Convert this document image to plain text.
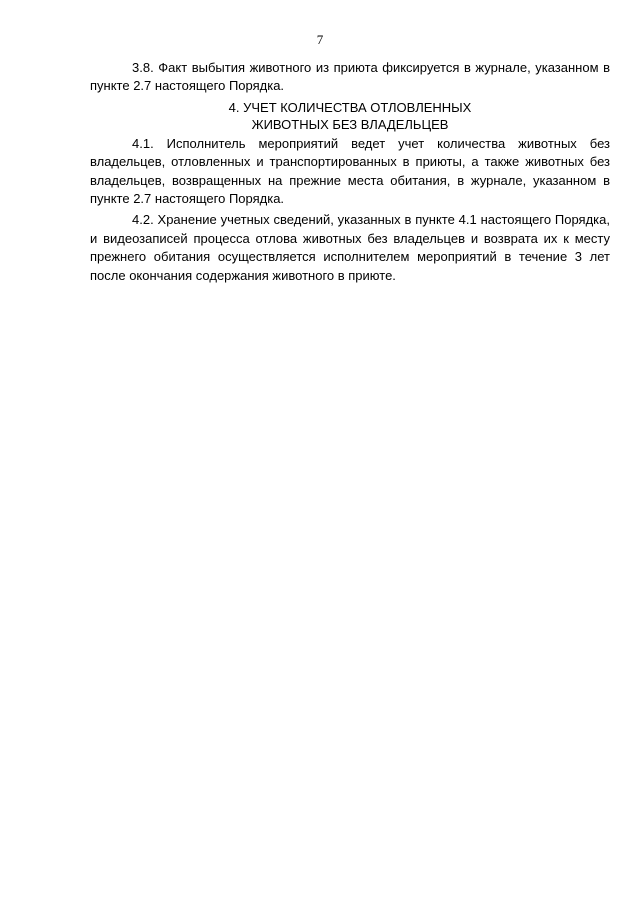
7

3.8. Факт выбытия животного из приюта фиксируется в журнале, указанном в пункте 2.7 настоящего Порядка.

4. УЧЕТ КОЛИЧЕСТВА ОТЛОВЛЕННЫХ
ЖИВОТНЫХ БЕЗ ВЛАДЕЛЬЦЕВ

4.1. Исполнитель мероприятий ведет учет количества животных без владельцев, отловленных и транспортированных в приюты, а также животных без владельцев, возвращенных на прежние места обитания, в журнале, указанном в пункте 2.7 настоящего Порядка.

4.2. Хранение учетных сведений, указанных в пункте 4.1 настоящего Порядка, и видеозаписей процесса отлова животных без владельцев и возврата их к месту прежнего обитания осуществляется исполнителем мероприятий в течение 3 лет после окончания содержания животного в приюте.
